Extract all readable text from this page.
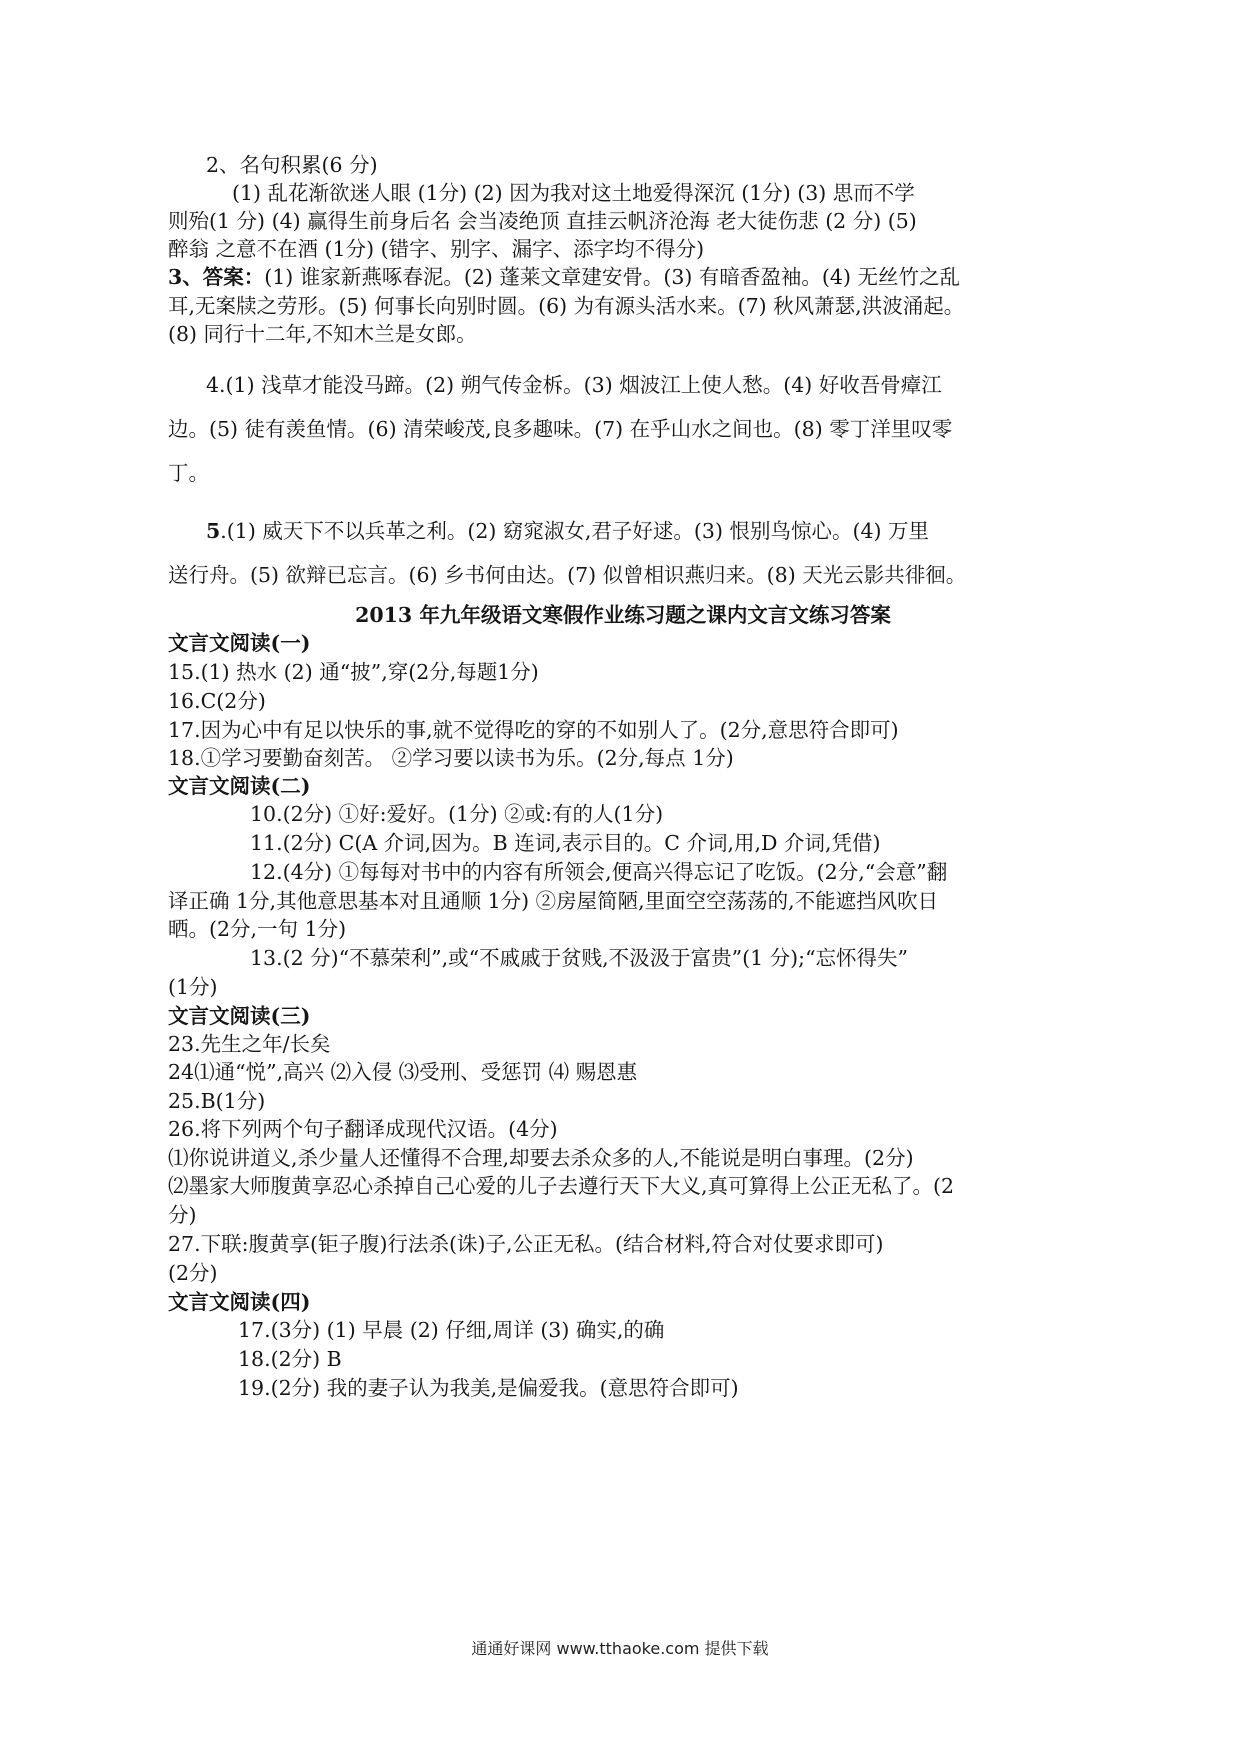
2、名句积累(6 分)
(1) 乱花渐欲迷人眼 (1分) (2) 因为我对这土地爱得深沉 (1分) (3) 思而不学
则殆(1 分) (4) 赢得生前身后名 会当凌绝顶 直挂云帆济沧海 老大徒伤悲 (2 分) (5)
醉翁 之意不在酒 (1分) (错字、别字、漏字、添字均不得分)
3、答案：(1) 谁家新燕啄春泥。(2) 蓬莱文章建安骨。(3) 有暗香盈袖。(4) 无丝竹之乱
耳,无案牍之劳形。(5) 何事长向别时圆。(6) 为有源头活水来。(7) 秋风萧瑟,洪波涌起。
(8) 同行十二年,不知木兰是女郎。
4.(1) 浅草才能没马蹄。(2) 朔气传金柝。(3) 烟波江上使人愁。(4) 好收吾骨瘴江
边。(5) 徒有羡鱼情。(6) 清荣峻茂,良多趣味。(7) 在乎山水之间也。(8) 零丁洋里叹零
丁。
5.(1) 威天下不以兵革之利。(2) 窈窕淑女,君子好逑。(3) 恨别鸟惊心。(4) 万里
送行舟。(5) 欲辩已忘言。(6) 乡书何由达。(7) 似曾相识燕归来。(8) 天光云影共徘徊。
2013 年九年级语文寒假作业练习题之课内文言文练习答案
文言文阅读(一)
15.(1) 热水 (2) 通“披”,穿(2分,每题1分)
16.C(2分)
17.因为心中有足以快乐的事,就不觉得吃的穿的不如别人了。(2分,意思符合即可)
18.①学习要勤奋刻苦。 ②学习要以读书为乐。(2分,每点 1分)
文言文阅读(二)
10.(2分) ①好:爱好。(1分) ②或:有的人(1分)
11.(2分) C(A 介词,因为。B 连词,表示目的。C 介词,用,D 介词,凭借)
12.(4分) ①每每对书中的内容有所领会,便高兴得忘记了吃饭。(2分,“会意”翻
译正确 1分,其他意思基本对且通顺 1分) ②房屋简陋,里面空空荡荡的,不能遮挡风吹日
晒。(2分,一句 1分)
13.(2 分)“不慕荣利”,或“不戚戚于贫贱,不汲汲于富贵”(1 分);“忘怀得失”
(1分)
文言文阅读(三)
23.先生之年/长矣
24⑴通“悦”,高兴 ⑵入侵 ⑶受刑、受惩罚 ⑷ 赐恩惠
25.B(1分)
26.将下列两个句子翻译成现代汉语。(4分)
⑴你说讲道义,杀少量人还懂得不合理,却要去杀众多的人,不能说是明白事理。(2分)
⑵墨家大师腹黄享忍心杀掉自己心爱的儿子去遵行天下大义,真可算得上公正无私了。(2
分)
27.下联:腹黄享(钜子腹)行法杀(诛)子,公正无私。(结合材料,符合对仗要求即可)
(2分)
文言文阅读(四)
17.(3分) (1) 早晨 (2) 仔细,周详 (3) 确实,的确
18.(2分) B
19.(2分) 我的妻子认为我美,是偏爱我。(意思符合即可)
通通好课网 www.tthaoke.com 提供下载
